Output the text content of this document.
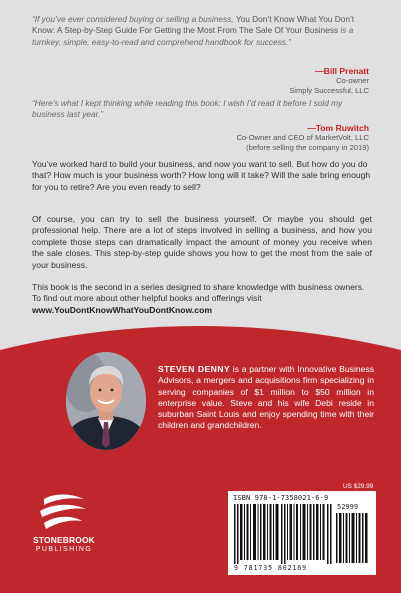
“If you’ve ever considered buying or selling a business, You Don’t Know What You Don’t Know: A Step-by-Step Guide For Getting the Most From The Sale Of Your Business is a turnkey, simple, easy-to-read and comprehend handbook for success.”
—Bill Prenatt
Co-owner
Simply Successful, LLC
“Here’s what I kept thinking while reading this book: I wish I’d read it before I sold my business last year.”
—Tom Ruwitch
Co-Owner and CEO of MarketVolt, LLC
(before selling the company in 2019)
You’ve worked hard to build your business, and now you want to sell. But how do you do that? How much is your business worth? How long will it take? Will the sale bring enough for you to retire? Are you even ready to sell?
Of course, you can try to sell the business yourself. Or maybe you should get professional help. There are a lot of steps involved in selling a business, and how you complete those steps can dramatically impact the amount of money you receive when the sale closes. This step-by-step guide shows you how to get the most from the sale of your business.
This book is the second in a series designed to share knowledge with business owners. To find out more about other helpful books and offerings visit www.YouDontKnowWhatYouDontKnow.com
STEVEN DENNY is a partner with Innovative Business Advisors, a mergers and acquisitions firm specializing in serving companies of $1 million to $50 million in enterprise value. Steve and his wife Debi reside in suburban Saint Louis and enjoy spending time with their children and grandchildren.
US $29.99
ISBN 978-1-7358021-6-9
52999
9 781735 802169
STONEBROOK
PUBLISHING
